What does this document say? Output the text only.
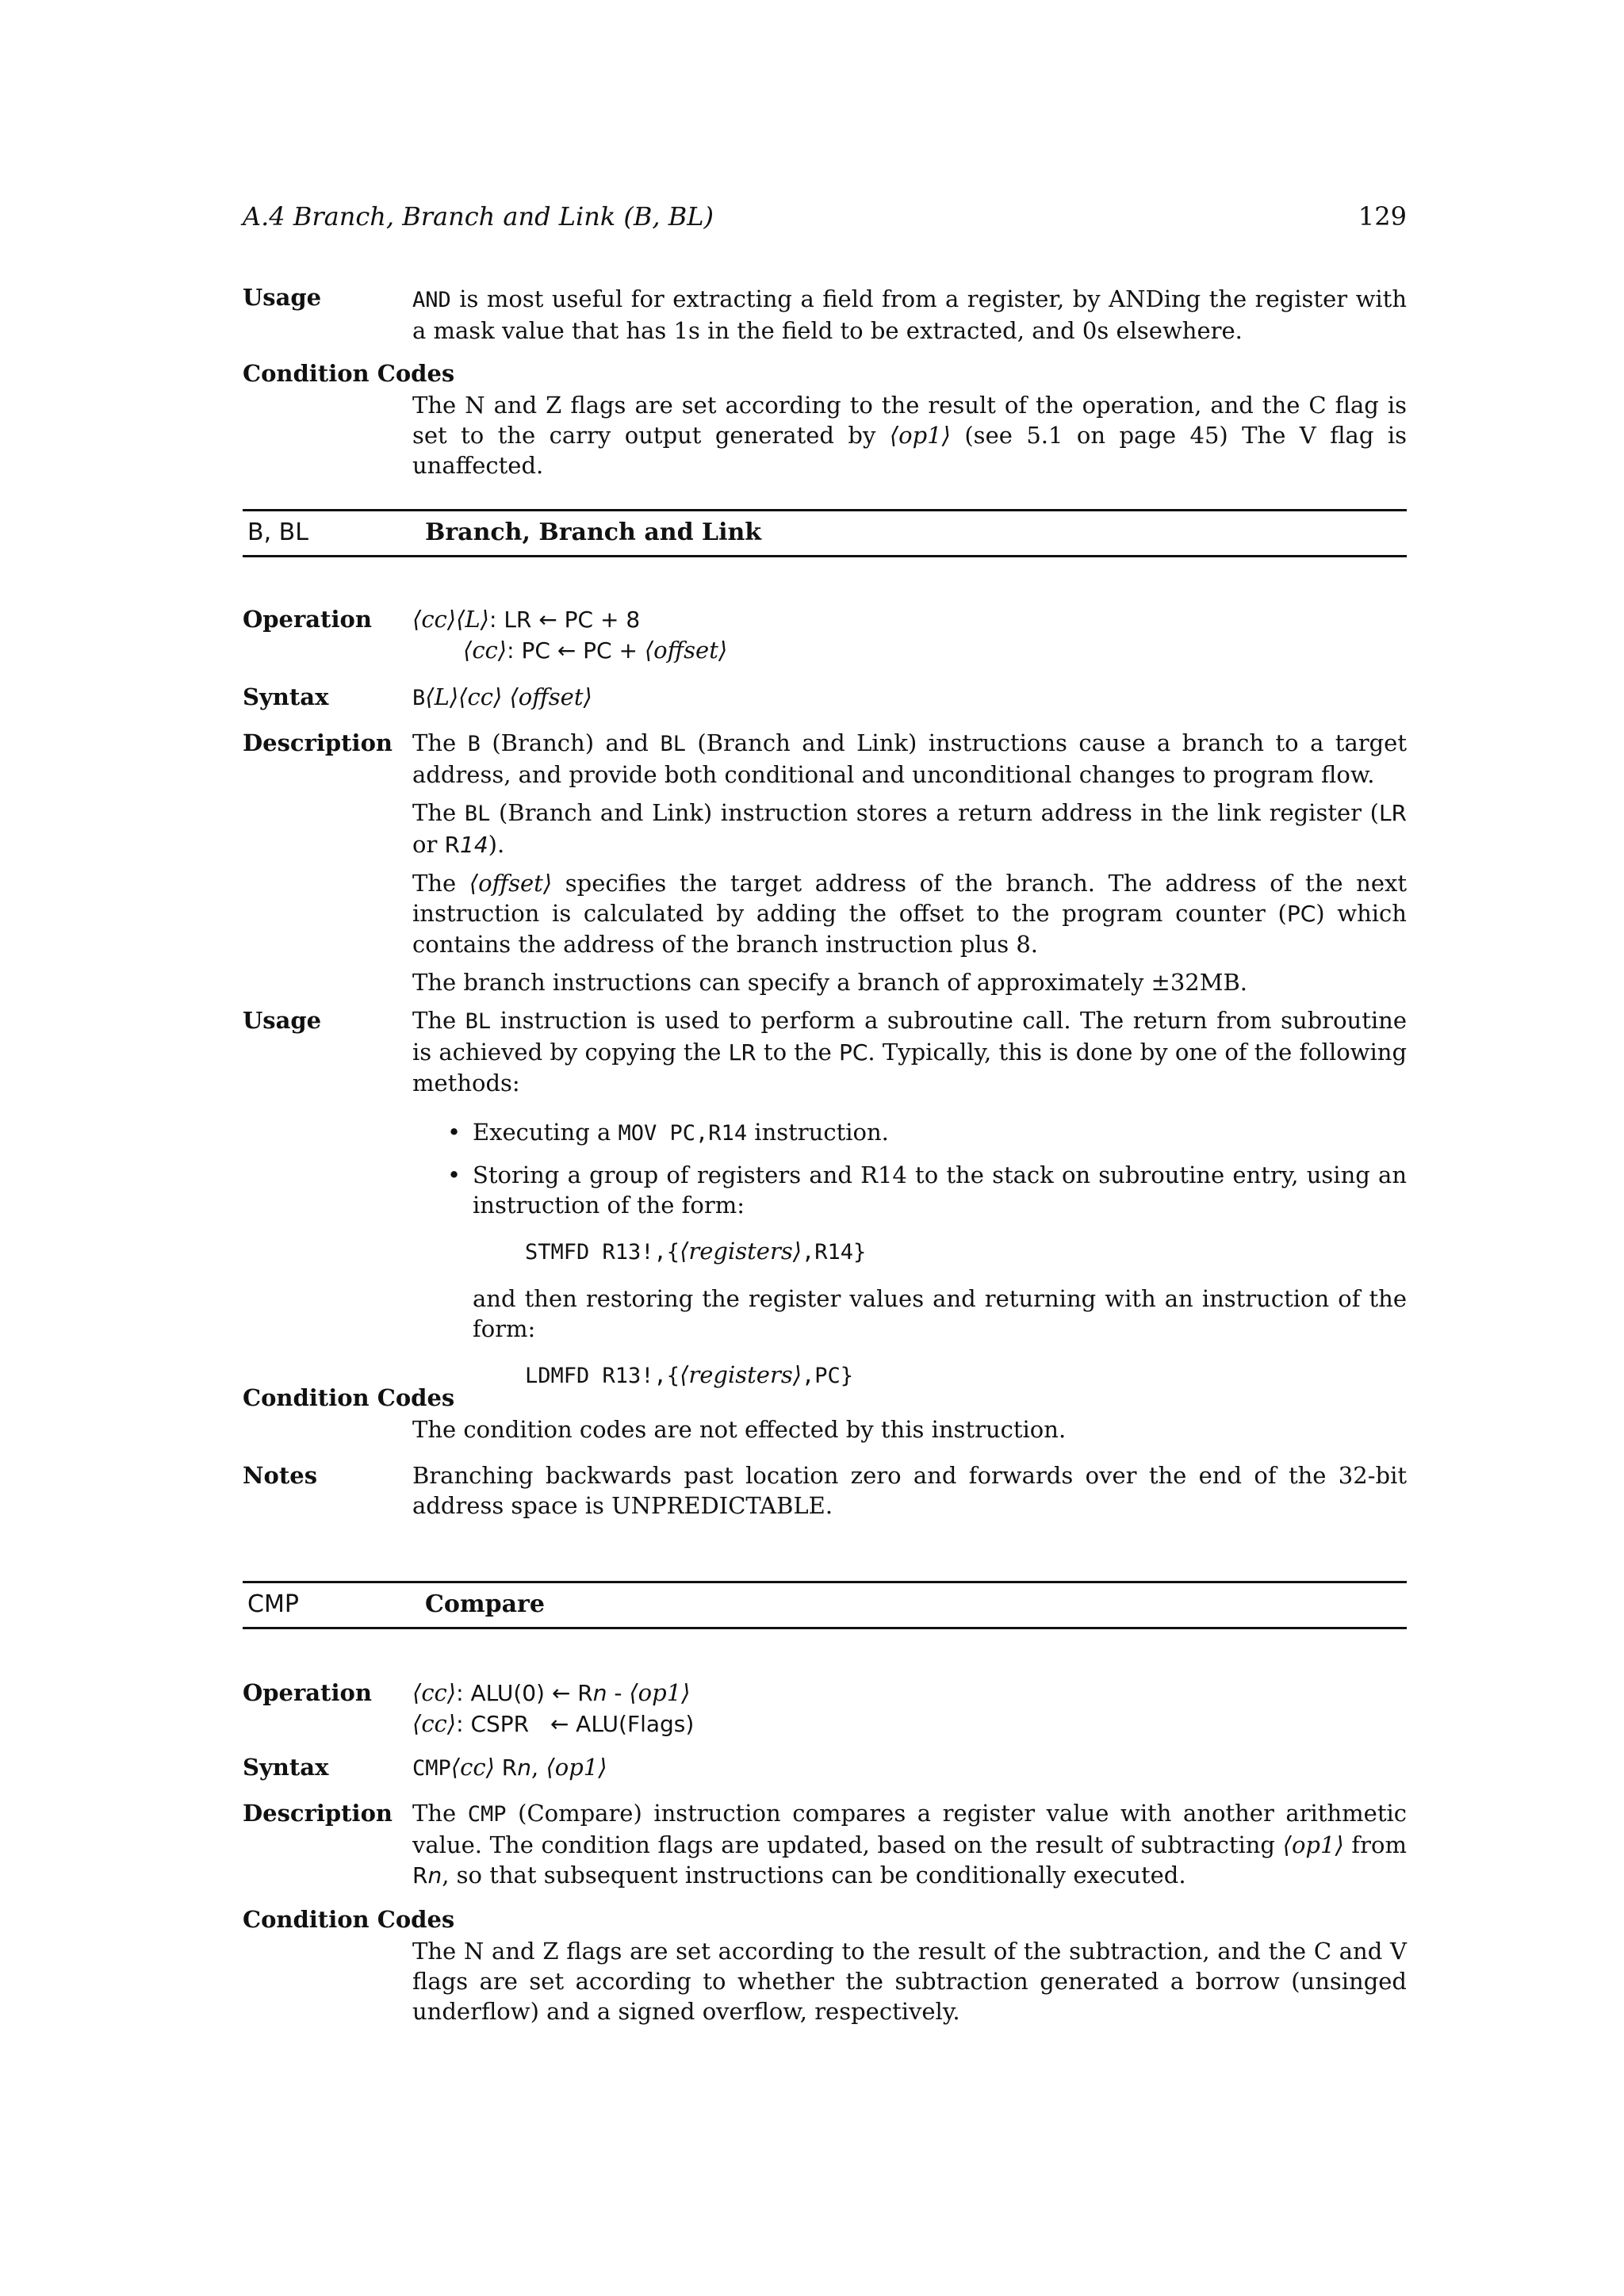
A.4 Branch, Branch and Link (B, BL)	129
Usage	AND is most useful for extracting a field from a register, by ANDing the register with a mask value that has 1s in the field to be extracted, and 0s elsewhere.
Condition Codes
The N and Z flags are set according to the result of the operation, and the C flag is set to the carry output generated by ⟨op1⟩ (see 5.1 on page 45) The V flag is unaffected.
B, BL	Branch, Branch and Link
Operation ⟨cc⟩⟨L⟩: LR ← PC + 8
⟨cc⟩: PC ← PC + ⟨offset⟩
Syntax	B⟨L⟩⟨cc⟩ ⟨offset⟩
Description The B (Branch) and BL (Branch and Link) instructions cause a branch to a target address, and provide both conditional and unconditional changes to program flow.

The BL (Branch and Link) instruction stores a return address in the link register (LR or R14).

The ⟨offset⟩ specifies the target address of the branch. The address of the next instruction is calculated by adding the offset to the program counter (PC) which contains the address of the branch instruction plus 8.

The branch instructions can specify a branch of approximately ±32MB.

Usage	The BL instruction is used to perform a subroutine call. The return from subroutine is achieved by copying the LR to the PC. Typically, this is done by one of the following methods:

• Executing a MOV PC,R14 instruction.
• Storing a group of registers and R14 to the stack on subroutine entry, using an instruction of the form:
STMFD R13!,{⟨registers⟩,R14}
and then restoring the register values and returning with an instruction of the form:
LDMFD R13!,{⟨registers⟩,PC}
Condition Codes
The condition codes are not effected by this instruction.
Notes	Branching backwards past location zero and forwards over the end of the 32-bit address space is UNPREDICTABLE.
CMP	Compare
Operation ⟨cc⟩: ALU(0) ← Rn - ⟨op1⟩
⟨cc⟩: CSPR   ← ALU(Flags)
Syntax	CMP⟨cc⟩ Rn, ⟨op1⟩
Description The CMP (Compare) instruction compares a register value with another arithmetic value. The condition flags are updated, based on the result of subtracting ⟨op1⟩ from Rn, so that subsequent instructions can be conditionally executed.
Condition Codes
The N and Z flags are set according to the result of the subtraction, and the C and V flags are set according to whether the subtraction generated a borrow (unsinged underflow) and a signed overflow, respectively.
